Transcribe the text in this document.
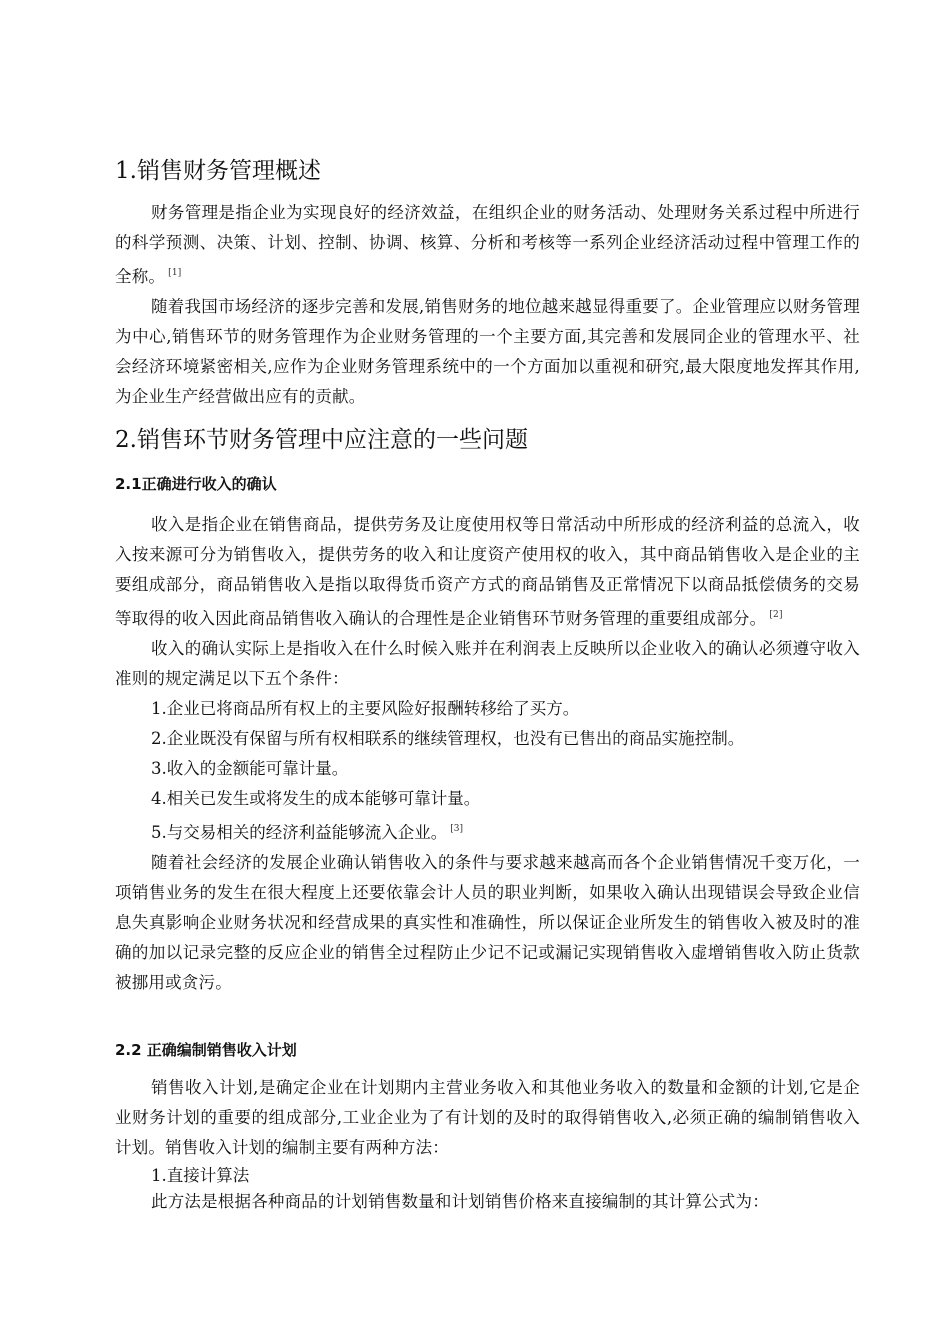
1.销售财务管理概述

财务管理是指企业为实现良好的经济效益，在组织企业的财务活动、处理财务关系过程中所进行的科学预测、决策、计划、控制、协调、核算、分析和考核等一系列企业经济活动过程中管理工作的全称。 [1]

随着我国市场经济的逐步完善和发展,销售财务的地位越来越显得重要了。企业管理应以财务管理为中心,销售环节的财务管理作为企业财务管理的一个主要方面,其完善和发展同企业的管理水平、社会经济环境紧密相关,应作为企业财务管理系统中的一个方面加以重视和研究,最大限度地发挥其作用,为企业生产经营做出应有的贡献。

2.销售环节财务管理中应注意的一些问题
2.1正确进行收入的确认

收入是指企业在销售商品，提供劳务及让度使用权等日常活动中所形成的经济利益的总流入，收入按来源可分为销售收入，提供劳务的收入和让度资产使用权的收入，其中商品销售收入是企业的主要组成部分，商品销售收入是指以取得货币资产方式的商品销售及正常情况下以商品抵偿债务的交易等取得的收入因此商品销售收入确认的合理性是企业销售环节财务管理的重要组成部分。 [2]

收入的确认实际上是指收入在什么时候入账并在利润表上反映所以企业收入的确认必须遵守收入准则的规定满足以下五个条件：

1.企业已将商品所有权上的主要风险好报酬转移给了买方。

2.企业既没有保留与所有权相联系的继续管理权，也没有已售出的商品实施控制。

3.收入的金额能可靠计量。

4.相关已发生或将发生的成本能够可靠计量。

5.与交易相关的经济利益能够流入企业。 [3]

随着社会经济的发展企业确认销售收入的条件与要求越来越高而各个企业销售情况千变万化，一项销售业务的发生在很大程度上还要依靠会计人员的职业判断，如果收入确认出现错误会导致企业信息失真影响企业财务状况和经营成果的真实性和准确性，所以保证企业所发生的销售收入被及时的准确的加以记录完整的反应企业的销售全过程防止少记不记或漏记实现销售收入虚增销售收入防止货款被挪用或贪污。

2.2 正确编制销售收入计划

销售收入计划,是确定企业在计划期内主营业务收入和其他业务收入的数量和金额的计划,它是企业财务计划的重要的组成部分,工业企业为了有计划的及时的取得销售收入,必须正确的编制销售收入计划。销售收入计划的编制主要有两种方法：

1.直接计算法

此方法是根据各种商品的计划销售数量和计划销售价格来直接编制的其计算公式为：
